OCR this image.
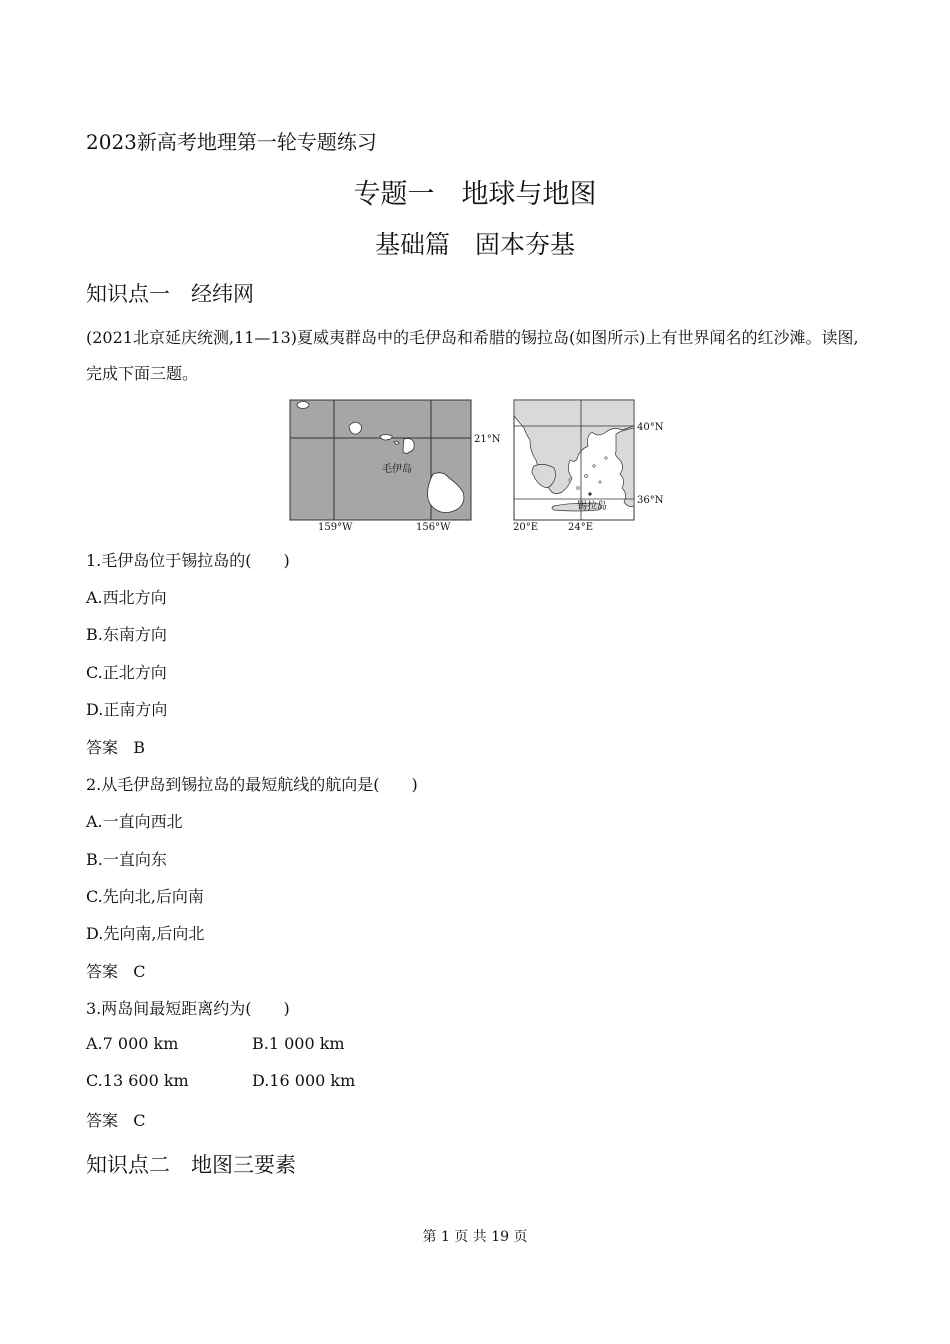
2023新高考地理第一轮专题练习
专题一　地球与地图
基础篇　固本夯基
知识点一　经纬网
(2021北京延庆统测,11—13)夏威夷群岛中的毛伊岛和希腊的锡拉岛(如图所示)上有世界闻名的红沙滩。读图,完成下面三题。
毛伊岛
21°N
159°W	156°W
锡拉岛
40°N
36°N
20°E	24°E
1.毛伊岛位于锡拉岛的(　　)
A.西北方向
B.东南方向
C.正北方向
D.正南方向
答案 B
2.从毛伊岛到锡拉岛的最短航线的航向是(　　)
A.一直向西北
B.一直向东
C.先向北,后向南
D.先向南,后向北
答案 C
3.两岛间最短距离约为(　　)
A.7 000 km	B.1 000 km
C.13 600 km	D.16 000 km
答案 C
知识点二　地图三要素
第 1 页 共 19 页
